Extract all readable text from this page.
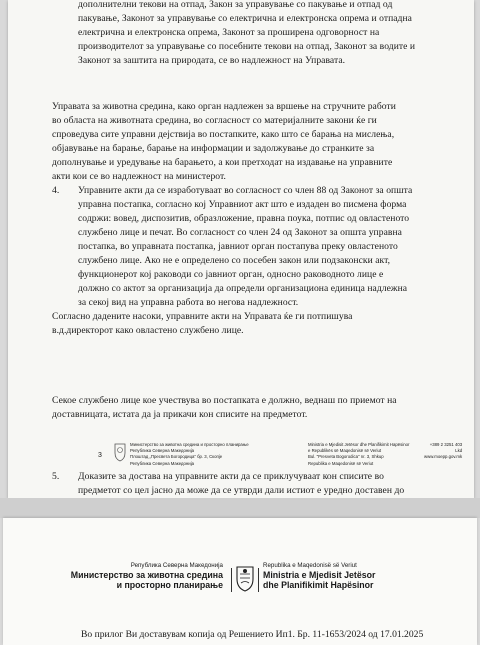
дополнителни текови на отпад, Закон за управување со пакување и отпад од

пакување, Законот за управување со електрична и електронска опрема и отпадна

електрична и електронска опрема, Законот за проширена одговорност на

производителот за управување со посебните текови на отпад, Законот за водите и

Законот за заштита на природата, се во надлежност на Управата.

Управата за животна средина, како орган надлежен за вршење на стручните работи

во областа на животната средина, во согласност со материјалните закони ќе ги

спроведува сите управни дејствија во постапките, како што се барања на мислења,

објавување на барање, барање на информации и задолжување до странките за

дополнување и уредување на барањето, а кои претходат на издавање на управните

акти кои се во надлежност на министерот.

4. Управните акти да се изработуваат во согласност со член 88 од Законот за општа

управна постапка, согласно кој Управниот акт што е издаден во писмена форма

содржи: вовед, диспозитив, образложение, правна поука, потпис од овластеното

службено лице и печат. Во согласност со член 24 од Законот за општа управна

постапка, во управната постапка, јавниот орган постапува преку овластеното

службено лице. Ако не е определено со посебен закон или подзаконски акт,

функционерот кој раководи со јавниот орган, односно раководното лице е

должно со актот за организација да определи организациона единица надлежна

за секој вид на управна работа во негова надлежност.

Согласно дадените насоки, управните акти на Управата ќе ги потпишува

в.д.директорот како овластено службено лице.

5. Доказите за достава на управните акти да се приклучуваат кон списите во

предметот со цел јасно да може да се утврди дали истиот е уредно доставен до

Секое службено лице кое учествува во постапката е должно, веднаш по приемот на

доставницата, истата да ја прикачи кон списите на предметот.

3
Министерство за животна средина и просторно планирање
Република Северна Македонија
Плоштад „Пресвета Богородица“ бр. 3, Скопје
Република Северна Македонија
Ministria e Mjedisit Jetësor dhe Planifikimit Hapësinor
e Republikës së Maqedonisë së Veriut
Bul. "Presveta Bogorodica" nr. 3, Shkup
Republika e Maqedonisë së Veriut
+389 2 3251 403
Lkd
www.moepp.gov.mk
Република Северна Македонија
Министерство за животна средина
и просторно планирање
Republika e Maqedonisë së Veriut
Ministria e Mjedisit Jetësor
dhe Planifikimit Hapësinor
Во прилог Ви доставувам копија од Решението Ип1. Бр. 11-1653/2024 од 17.01.2025
